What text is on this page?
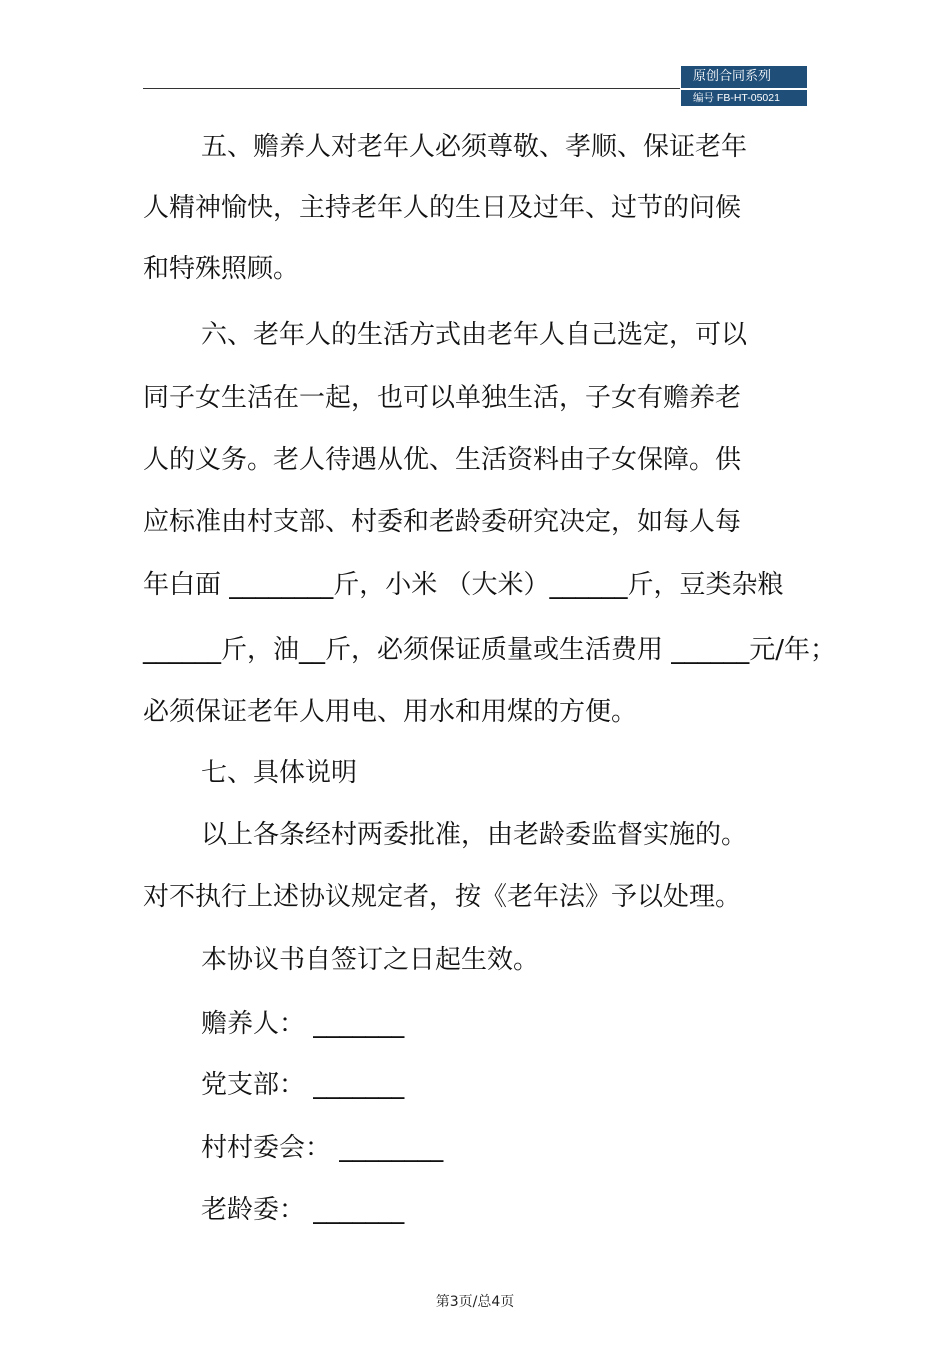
原创合同系列
编号 FB-HT-05021
五、赡养人对老年人必须尊敬、孝顺、保证老年
人精神愉快，主持老年人的生日及过年、过节的问候
和特殊照顾。
六、老年人的生活方式由老年人自己选定，可以
同子女生活在一起，也可以单独生活，子女有赡养老
人的义务。老人待遇从优、生活资料由子女保障。供
应标准由村支部、村委和老龄委研究决定，如每人每
年白面 ________斤，小米 （大米）______斤，豆类杂粮
______斤，油__斤，必须保证质量或生活费用 ______元/年；
必须保证老年人用电、用水和用煤的方便。
七、具体说明
以上各条经村两委批准，由老龄委监督实施的。
对不执行上述协议规定者，按《老年法》予以处理。
本协议书自签订之日起生效。
赡养人： _______
党支部： _______
村村委会： ________
老龄委： _______
第3页/总4页
